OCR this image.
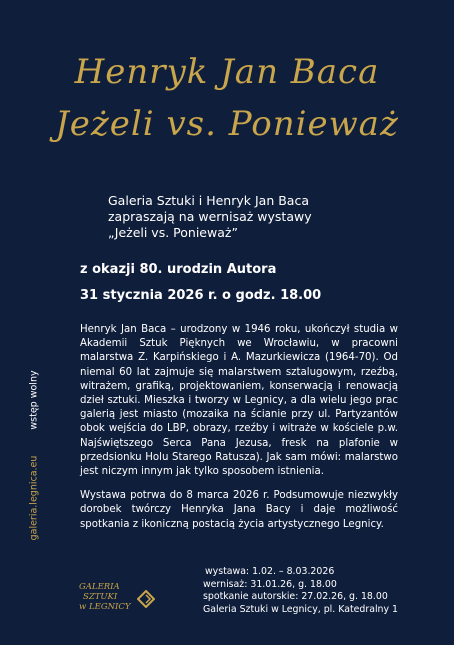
Henryk Jan Baca
Jeżeli vs. Ponieważ
Galeria Sztuki i Henryk Jan Baca
zapraszają na wernisaż wystawy
„Jeżeli vs. Ponieważ”
z okazji 80. urodzin Autora
31 stycznia 2026 r. o godz. 18.00

Henryk Jan Baca – urodzony w 1946 roku, ukończył studia w Akademii Sztuk Pięknych we Wrocławiu, w pracowni malarstwa Z. Karpińskiego i A. Mazurkiewicza (1964-70). Od niemal 60 lat zajmuje się malarstwem sztalugowym, rzeźbą, witrażem, grafiką, projektowaniem, konserwacją i renowacją dzieł sztuki. Mieszka i tworzy w Legnicy, a dla wielu jego prac galerią jest miasto (mozaika na ścianie przy ul. Partyzantów obok wejścia do LBP, obrazy, rzeźby i witraże w kościele p.w. Najświętszego Serca Pana Jezusa, fresk na plafonie w przedsionku Holu Starego Ratusza). Jak sam mówi: malarstwo jest niczym innym jak tylko sposobem istnienia.

Wystawa potrwa do 8 marca 2026 r. Podsumowuje niezwykły dorobek twórczy Henryka Jana Bacy i daje możliwość spotkania z ikoniczną postacią życia artystycznego Legnicy.

wstęp wolny
galeria.legnica.eu
GALERIA
SZTUKI
w LEGNICY
wystawa: 1.02. – 8.03.2026
wernisaż: 31.01.26, g. 18.00
spotkanie autorskie: 27.02.26, g. 18.00
Galeria Sztuki w Legnicy, pl. Katedralny 1
